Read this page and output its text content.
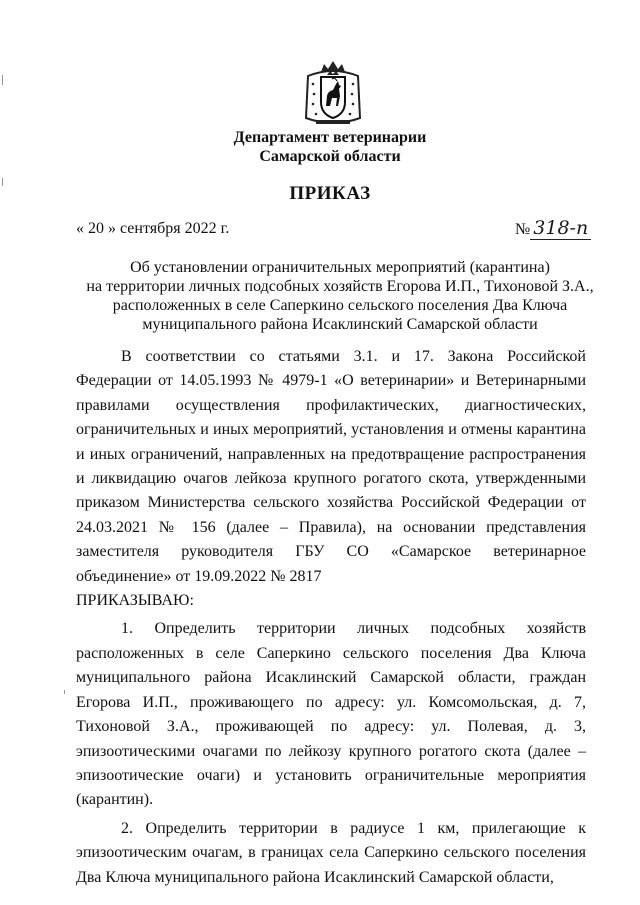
Департамент ветеринарии
Самарской области
ПРИКАЗ
« 20 » сентября 2022 г.	№ 318-п
Об установлении ограничительных мероприятий (карантина)
на территории личных подсобных хозяйств Егорова И.П., Тихоновой З.А.,
расположенных в селе Саперкино сельского поселения Два Ключа
муниципального района Исаклинский Самарской области

В соответствии со статьями 3.1. и 17. Закона Российской Федерации от 14.05.1993 № 4979-1 «О ветеринарии» и Ветеринарными правилами осуществления профилактических, диагностических, ограничительных и иных мероприятий, установления и отмены карантина и иных ограничений, направленных на предотвращение распространения и ликвидацию очагов лейкоза крупного рогатого скота, утвержденными приказом Министерства сельского хозяйства Российской Федерации от 24.03.2021 № 156 (далее – Правила), на основании представления заместителя руководителя ГБУ СО «Самарское ветеринарное объединение» от 19.09.2022 № 2817

ПРИКАЗЫВАЮ:

1. Определить территории личных подсобных хозяйств расположенных в селе Саперкино сельского поселения Два Ключа муниципального района Исаклинский Самарской области, граждан Егорова И.П., проживающего по адресу: ул. Комсомольская, д. 7, Тихоновой З.А., проживающей по адресу: ул. Полевая, д. 3, эпизоотическими очагами по лейкозу крупного рогатого скота (далее – эпизоотические очаги) и установить ограничительные мероприятия (карантин).

2. Определить территории в радиусе 1 км, прилегающие к эпизоотическим очагам, в границах села Саперкино сельского поселения Два Ключа муниципального района Исаклинский Самарской области,
